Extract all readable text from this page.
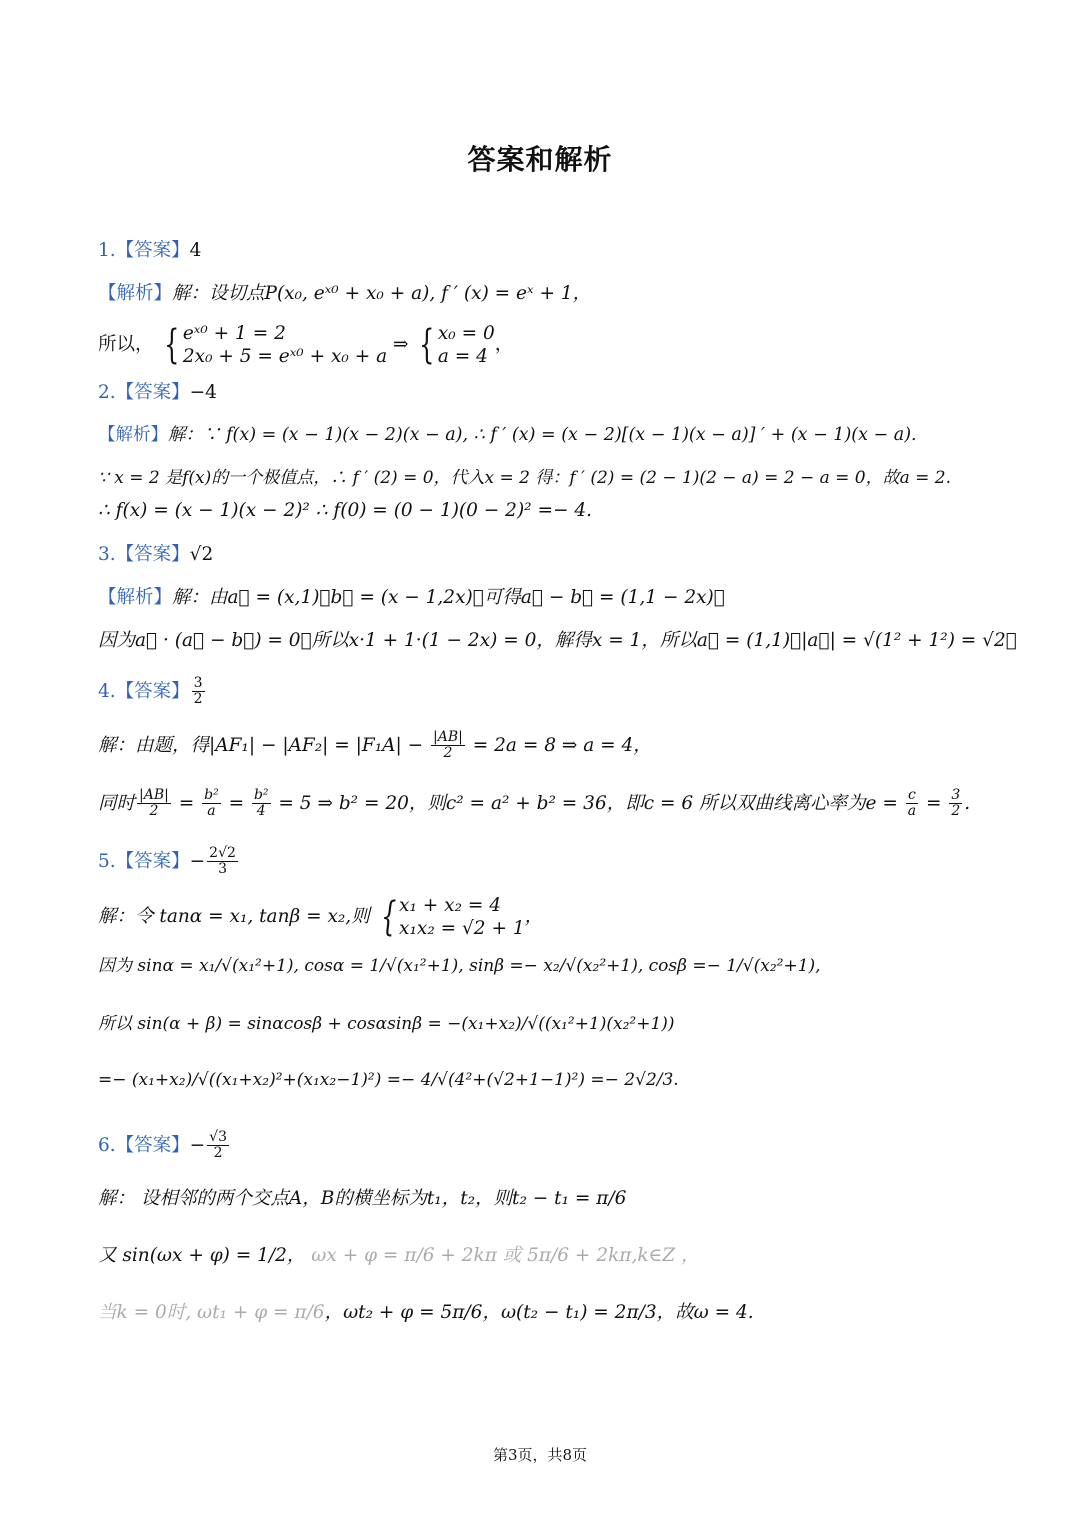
答案和解析
1.【答案】4
【解析】解：设切点P(x₀, eˣ⁰ + x₀ + a), f ′ (x) = eˣ + 1，
所以， { eˣ⁰ + 1 = 2
2x₀ + 5 = eˣ⁰ + x₀ + a
⇒ { x₀ = 0
a = 4
，
2.【答案】−4
【解析】解：∵ f(x) = (x − 1)(x − 2)(x − a), ∴ f ′ (x) = (x − 2)[(x − 1)(x − a)] ′ + (x − 1)(x − a).
∵ x = 2 是f(x)的一个极值点，∴ f ′ (2) = 0，代入x = 2 得：f ′ (2) = (2 − 1)(2 − a) = 2 − a = 0，故a = 2.
∴ f(x) = (x − 1)(x − 2)² ∴ f(0) = (0 − 1)(0 − 2)² =− 4.
3.【答案】√2
【解析】解：由a⃗ = (x,1)，b⃗ = (x − 1,2x)，可得a⃗ − b⃗ = (1,1 − 2x)，
因为a⃗ · (a⃗ − b⃗) = 0，所以x·1 + 1·(1 − 2x) = 0，解得x = 1，所以a⃗ = (1,1)，|a⃗| = √(1² + 1²) = √2，
4.【答案】 $\frac{3}{2}$
解：由题，得$|AF_1| - |AF_2| = |F_1A| - \frac{|AB|}{2} = 2a = 8$ ⇒ a = 4，
同时 $\frac{|AB|}{2} = \frac{\text{b²}}{a} = \frac{\text{b²}}{4} = 5$ ⇒ b² = 20，则c² = a² + b² = 36，即c = 6 所以双曲线离心率为$e = \frac{c}{a} = \frac{3}{2}$ .
5.【答案】− $\frac{2√2}{3}$
解：令 tanα = x₁, tanβ = x₂,则 { x₁ + x₂ = 4
x₁x₂ = √2 + 1
，
因为 sinα = x₁/√(x₁²+1), cosα = 1/√(x₁²+1), sinβ =− x₂/√(x₂²+1), cosβ =− 1/√(x₂²+1),
所以 sin(α + β) = sinαcosβ + cosαsinβ = −(x₁+x₂)/√((x₁²+1)(x₂²+1))
=− (x₁+x₂)/√((x₁+x₂)²+(x₁x₂−1)²) =− 4/√(4²+(√2+1−1)²) =− 2√2/3.
6.【答案】− $\frac{√3}{2}$
解： 设相邻的两个交点A，B的横坐标为t₁，t₂，则t₂ − t₁ = π/6
又 sin(ωx + φ) = 1/2， ωx + φ = π/6 + 2kπ 或 5π/6 + 2kπ,k∈Z ，
当k = 0时, ωt₁ + φ = π/6，ωt₂ + φ = 5π/6，ω(t₂ − t₁) = 2π/3，故ω = 4.
第3页，共8页
